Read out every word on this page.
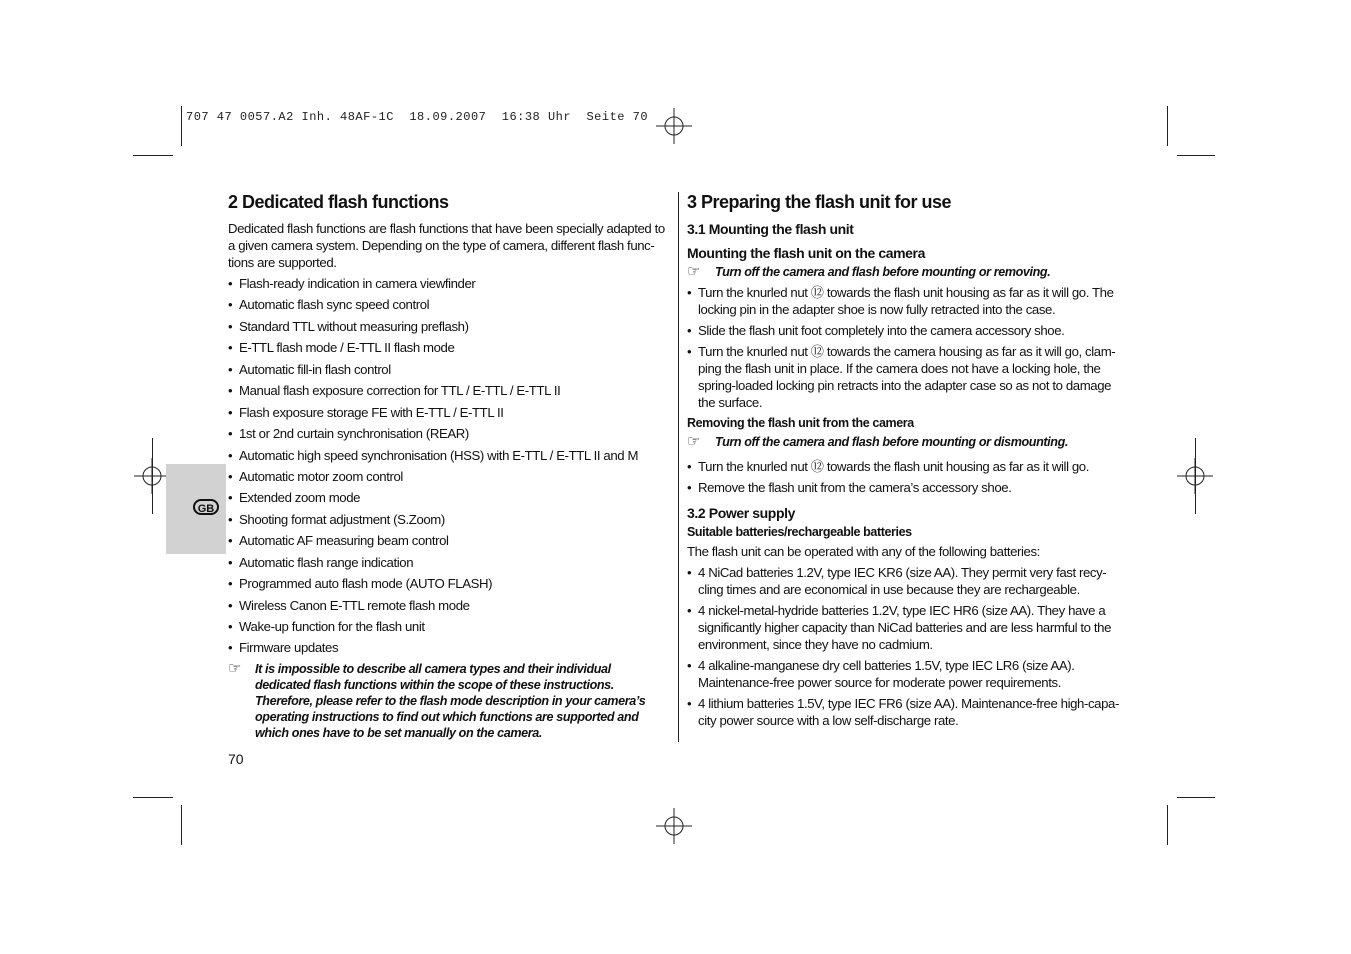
707 47 0057.A2 Inh. 48AF-1C  18.09.2007  16:38 Uhr  Seite 70
GB
2 Dedicated flash functions

Dedicated flash functions are flash functions that have been specially adapted to a given camera system. Depending on the type of camera, different flash func-tions are supported.

• Flash-ready indication in camera viewfinder
• Automatic flash sync speed control
• Standard TTL without measuring preflash)
• E-TTL flash mode / E-TTL II flash mode
• Automatic fill-in flash control
• Manual flash exposure correction for TTL / E-TTL / E-TTL II
• Flash exposure storage FE with E-TTL / E-TTL II
• 1st or 2nd curtain synchronisation (REAR)
• Automatic high speed synchronisation (HSS) with E-TTL / E-TTL II and M
• Automatic motor zoom control
• Extended zoom mode
• Shooting format adjustment (S.Zoom)
• Automatic AF measuring beam control
• Automatic flash range indication
• Programmed auto flash mode (AUTO FLASH)
• Wireless Canon E-TTL remote flash mode
• Wake-up function for the flash unit
• Firmware updates
☞	It is impossible to describe all camera types and their individual dedicated flash functions within the scope of these instructions. Therefore, please refer to the flash mode description in your camera’s operating instructions to find out which functions are supported and which ones have to be set manually on the camera.
70
3 Preparing the flash unit for use
3.1 Mounting the flash unit
Mounting the flash unit on the camera
☞	Turn off the camera and flash before mounting or removing.
• Turn the knurled nut ⑫ towards the flash unit housing as far as it will go. The locking pin in the adapter shoe is now fully retracted into the case.
• Slide the flash unit foot completely into the camera accessory shoe.
• Turn the knurled nut ⑫ towards the camera housing as far as it will go, clam-ping the flash unit in place. If the camera does not have a locking hole, the spring-loaded locking pin retracts into the adapter case so as not to damage the surface.
Removing the flash unit from the camera
☞	Turn off the camera and flash before mounting or dismounting.
• Turn the knurled nut ⑫ towards the flash unit housing as far as it will go.
• Remove the flash unit from the camera’s accessory shoe.
3.2 Power supply
Suitable batteries/rechargeable batteries

The flash unit can be operated with any of the following batteries:

• 4 NiCad batteries 1.2V, type IEC KR6 (size AA). They permit very fast recy-cling times and are economical in use because they are rechargeable.
• 4 nickel-metal-hydride batteries 1.2V, type IEC HR6 (size AA). They have a significantly higher capacity than NiCad batteries and are less harmful to the environment, since they have no cadmium.
• 4 alkaline-manganese dry cell batteries 1.5V, type IEC LR6 (size AA). Maintenance-free power source for moderate power requirements.
• 4 lithium batteries 1.5V, type IEC FR6 (size AA). Maintenance-free high-capa-city power source with a low self-discharge rate.
